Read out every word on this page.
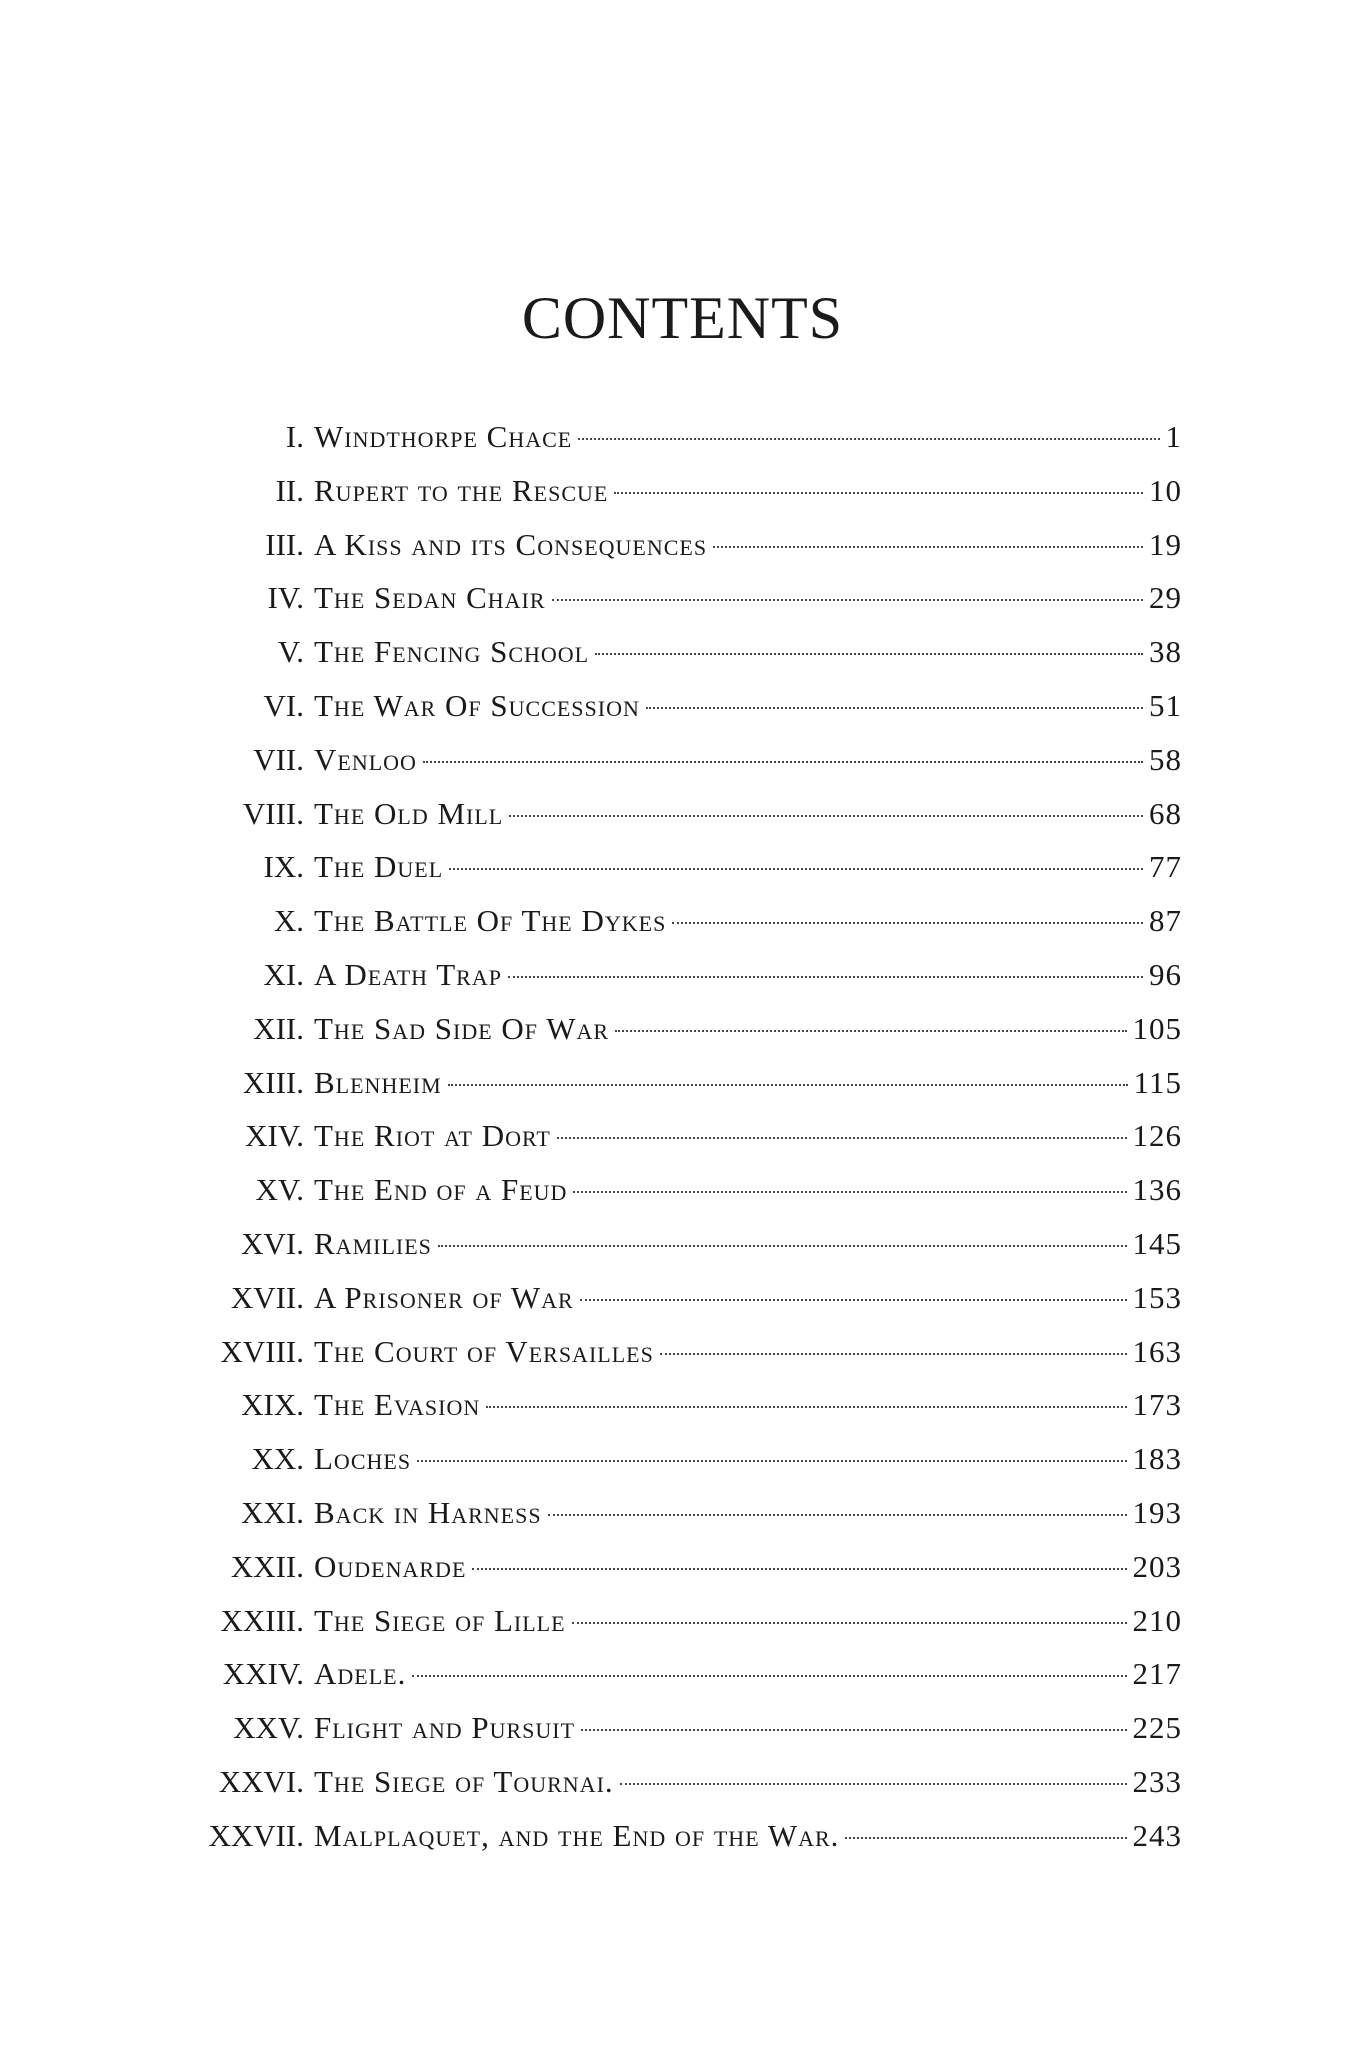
CONTENTS
I. Windthorpe Chace	1
II. Rupert to the Rescue	10
III. A Kiss and its Consequences	19
IV. The Sedan Chair	29
V. The Fencing School	38
VI. The War Of Succession	51
VII. Venloo	58
VIII. The Old Mill	68
IX. The Duel	77
X. The Battle Of The Dykes	87
XI. A Death Trap	96
XII. The Sad Side Of War	105
XIII. Blenheim	115
XIV. The Riot at Dort	126
XV. The End of a Feud	136
XVI. Ramilies	145
XVII. A Prisoner of War	153
XVIII. The Court of Versailles	163
XIX. The Evasion	173
XX. Loches	183
XXI. Back in Harness	193
XXII. Oudenarde	203
XXIII. The Siege of Lille	210
XXIV. Adele.	217
XXV. Flight and Pursuit	225
XXVI. The Siege of Tournai.	233
XXVII. Malplaquet, and the End of the War.	243
